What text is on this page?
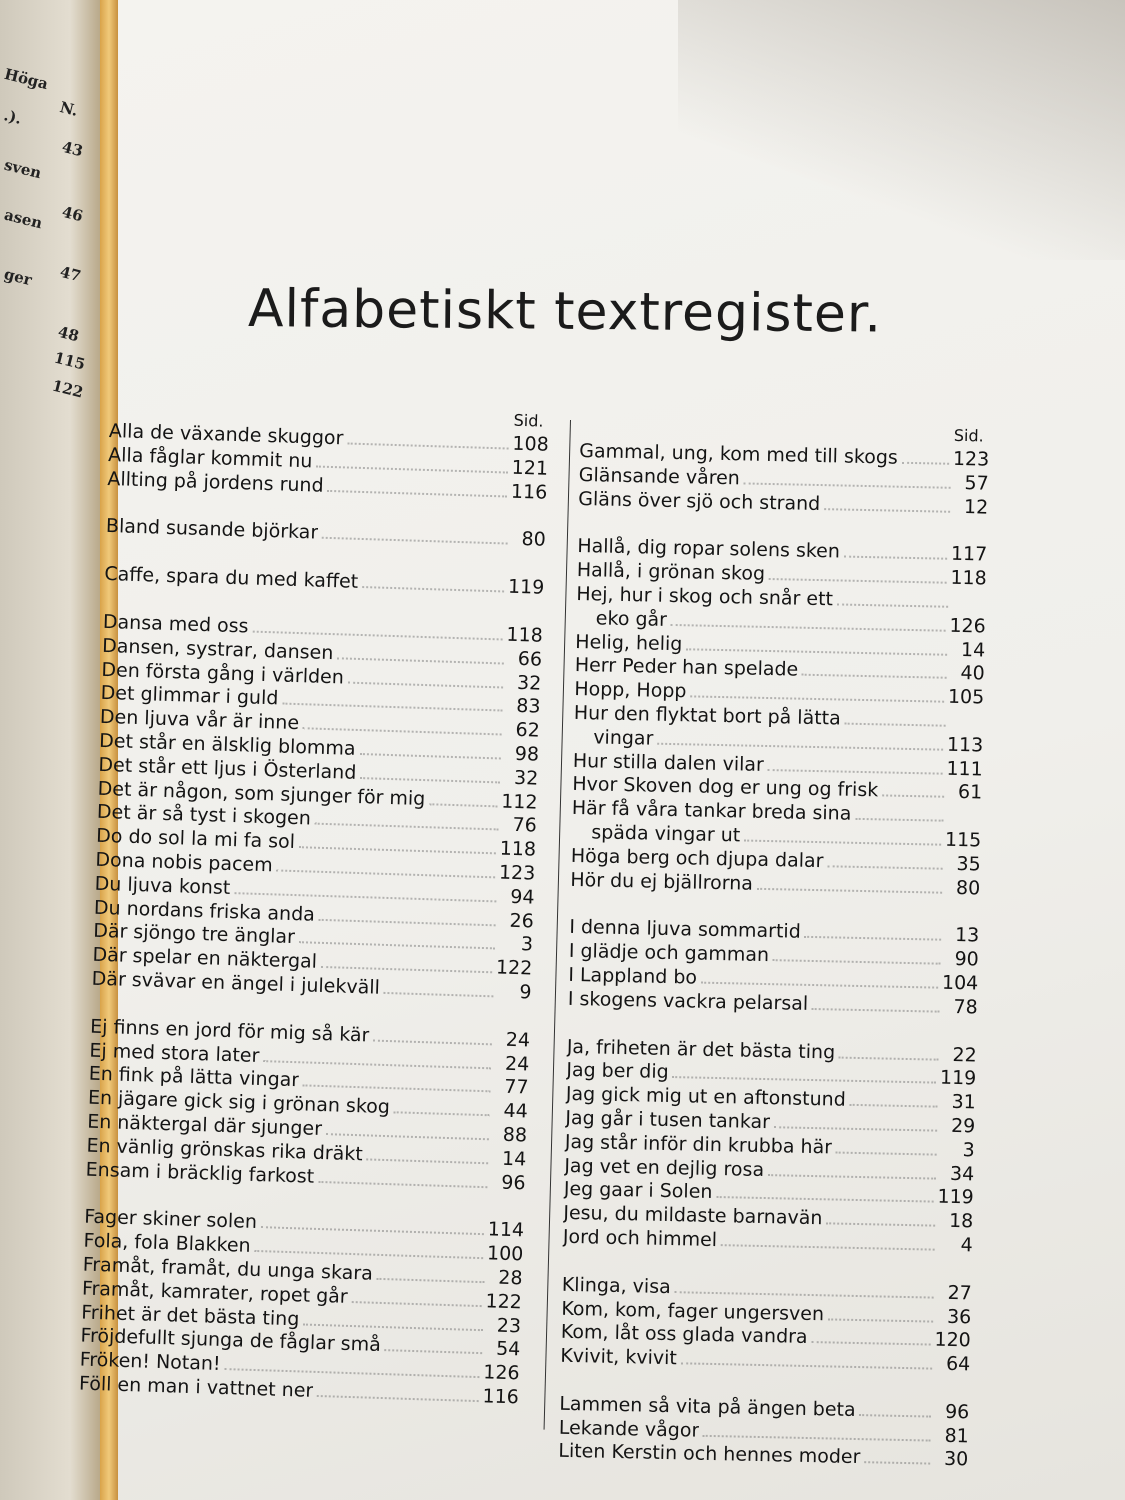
Höga
N.
.).
43
sven
46
asen
47
ger
48
115
122
Alfabetiskt textregister.
Sid.
Alla de växande skuggor	108
Alla fåglar kommit nu	121
Allting på jordens rund	116
Bland susande björkar	80
Caffe, spara du med kaffet	119
Dansa med oss	118
Dansen, systrar, dansen	66
Den första gång i världen	32
Det glimmar i guld	83
Den ljuva vår är inne	62
Det står en älsklig blomma	98
Det står ett ljus i Österland	32
Det är någon, som sjunger för mig	112
Det är så tyst i skogen	76
Do do sol la mi fa sol	118
Dona nobis pacem	123
Du ljuva konst	94
Du nordans friska anda	26
Där sjöngo tre änglar	3
Där spelar en näktergal	122
Där svävar en ängel i julekväll	9
Ej finns en jord för mig så kär	24
Ej med stora later	24
En fink på lätta vingar	77
En jägare gick sig i grönan skog	44
En näktergal där sjunger	88
En vänlig grönskas rika dräkt	14
Ensam i bräcklig farkost	96
Fager skiner solen	114
Fola, fola Blakken	100
Framåt, framåt, du unga skara	28
Framåt, kamrater, ropet går	122
Frihet är det bästa ting	23
Fröjdefullt sjunga de fåglar små	54
Fröken! Notan!	126
Föll en man i vattnet ner	116
Sid.
Gammal, ung, kom med till skogs	123
Glänsande våren	57
Gläns över sjö och strand	12
Hallå, dig ropar solens sken	117
Hallå, i grönan skog	118
Hej, hur i skog och snår ett
eko går	126
Helig, helig	14
Herr Peder han spelade	40
Hopp, Hopp	105
Hur den flyktat bort på lätta
vingar	113
Hur stilla dalen vilar	111
Hvor Skoven dog er ung og frisk	61
Här få våra tankar breda sina
späda vingar ut	115
Höga berg och djupa dalar	35
Hör du ej bjällrorna	80
I denna ljuva sommartid	13
I glädje och gamman	90
I Lappland bo	104
I skogens vackra pelarsal	78
Ja, friheten är det bästa ting	22
Jag ber dig	119
Jag gick mig ut en aftonstund	31
Jag går i tusen tankar	29
Jag står inför din krubba här	3
Jag vet en dejlig rosa	34
Jeg gaar i Solen	119
Jesu, du mildaste barnavän	18
Jord och himmel	4
Klinga, visa	27
Kom, kom, fager ungersven	36
Kom, låt oss glada vandra	120
Kvivit, kvivit	64
Lammen så vita på ängen beta	96
Lekande vågor	81
Liten Kerstin och hennes moder	30
